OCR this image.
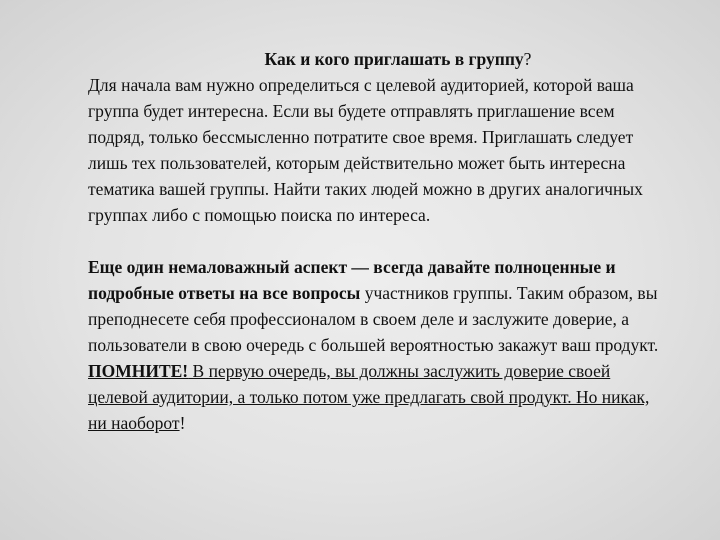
Как и кого приглашать в группу?

Для начала вам нужно определиться с целевой аудиторией, которой ваша группа будет интересна. Если вы будете отправлять приглашение всем подряд, только бессмысленно потратите свое время. Приглашать следует лишь тех пользователей, которым действительно может быть интересна тематика вашей группы. Найти таких людей можно в других аналогичных группах либо с помощью поиска по интереса.

Еще один немаловажный аспект — всегда давайте полноценные и подробные ответы на все вопросы участников группы. Таким образом, вы преподнесете себя профессионалом в своем деле и заслужите доверие, а пользователи в свою очередь с большей вероятностью закажут ваш продукт.

ПОМНИТЕ! В первую очередь, вы должны заслужить доверие своей целевой аудитории, а только потом уже предлагать свой продукт. Но никак, ни наоборот!
